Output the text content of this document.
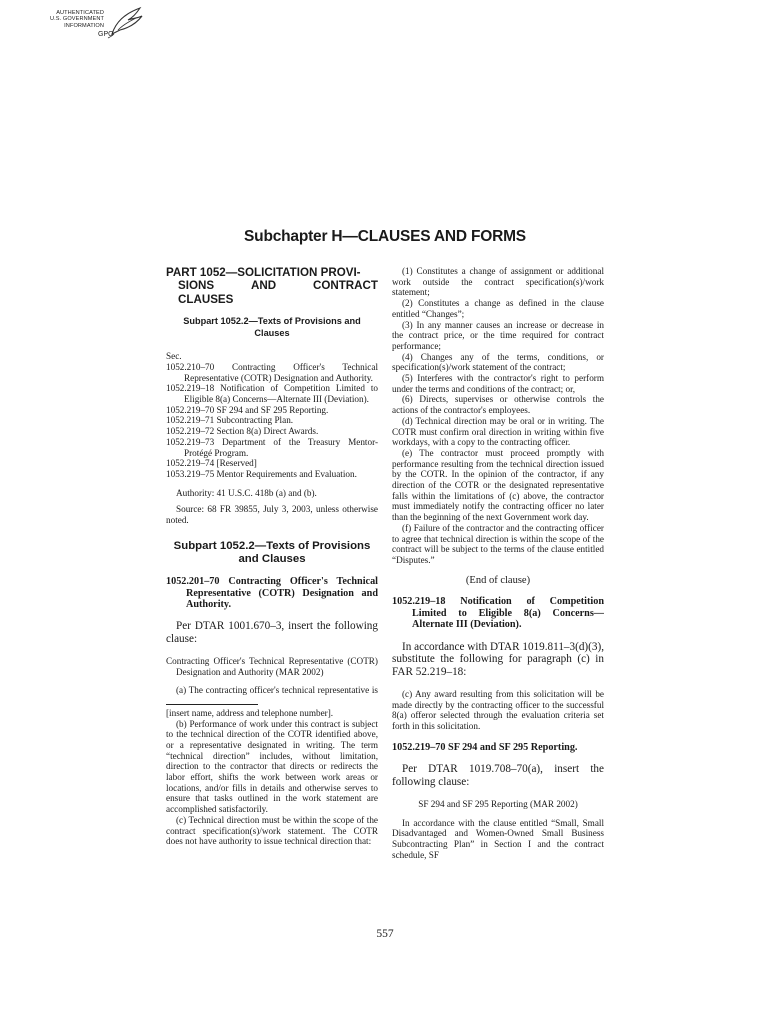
AUTHENTICATED
U.S. GOVERNMENT
INFORMATION
GPO
Subchapter H—CLAUSES AND FORMS
PART 1052—SOLICITATION PROVI-
SIONS	AND	CONTRACT
CLAUSES
Subpart 1052.2—Texts of Provisions and Clauses

Sec.

1052.210–70 Contracting Officer's Technical Representative (COTR) Designation and Authority.
1052.219–18 Notification of Competition Limited to Eligible 8(a) Concerns—Alternate III (Deviation).
1052.219–70 SF 294 and SF 295 Reporting.
1052.219–71 Subcontracting Plan.
1052.219–72 Section 8(a) Direct Awards.
1052.219–73 Department of the Treasury Mentor-Protégé Program.
1052.219–74 [Reserved]
1053.219–75 Mentor Requirements and Evaluation.

Authority: 41 U.S.C. 418b (a) and (b).

Source: 68 FR 39855, July 3, 2003, unless otherwise noted.

Subpart 1052.2—Texts of Provisions and Clauses

1052.201–70 Contracting Officer's Technical Representative (COTR) Designation and Authority.

Per DTAR 1001.670–3, insert the following clause:

Contracting Officer's Technical Representative (COTR) Designation and Authority (MAR 2002)

(a) The contracting officer's technical representative is

[insert name, address and telephone number].

(b) Performance of work under this contract is subject to the technical direction of the COTR identified above, or a representative designated in writing. The term “technical direction” includes, without limitation, direction to the contractor that directs or redirects the labor effort, shifts the work between work areas or locations, and/or fills in details and otherwise serves to ensure that tasks outlined in the work statement are accomplished satisfactorily.

(c) Technical direction must be within the scope of the contract specification(s)/work statement. The COTR does not have authority to issue technical direction that:

(1) Constitutes a change of assignment or additional work outside the contract specification(s)/work statement;

(2) Constitutes a change as defined in the clause entitled “Changes”;

(3) In any manner causes an increase or decrease in the contract price, or the time required for contract performance;

(4) Changes any of the terms, conditions, or specification(s)/work statement of the contract;

(5) Interferes with the contractor's right to perform under the terms and conditions of the contract; or,

(6) Directs, supervises or otherwise controls the actions of the contractor's employees.

(d) Technical direction may be oral or in writing. The COTR must confirm oral direction in writing within five workdays, with a copy to the contracting officer.

(e) The contractor must proceed promptly with performance resulting from the technical direction issued by the COTR. In the opinion of the contractor, if any direction of the COTR or the designated representative falls within the limitations of (c) above, the contractor must immediately notify the contracting officer no later than the beginning of the next Government work day.

(f) Failure of the contractor and the contracting officer to agree that technical direction is within the scope of the contract will be subject to the terms of the clause entitled “Disputes.”

(End of clause)

1052.219–18 Notification of Competition Limited to Eligible 8(a) Concerns—Alternate III (Deviation).

In accordance with DTAR 1019.811–3(d)(3), substitute the following for paragraph (c) in FAR 52.219–18:

(c) Any award resulting from this solicitation will be made directly by the contracting officer to the successful 8(a) offeror selected through the evaluation criteria set forth in this solicitation.

1052.219–70 SF 294 and SF 295 Reporting.

Per DTAR 1019.708–70(a), insert the following clause:

SF 294 and SF 295 Reporting (MAR 2002)

In accordance with the clause entitled “Small, Small Disadvantaged and Women-Owned Small Business Subcontracting Plan” in Section I and the contract schedule, SF

557
